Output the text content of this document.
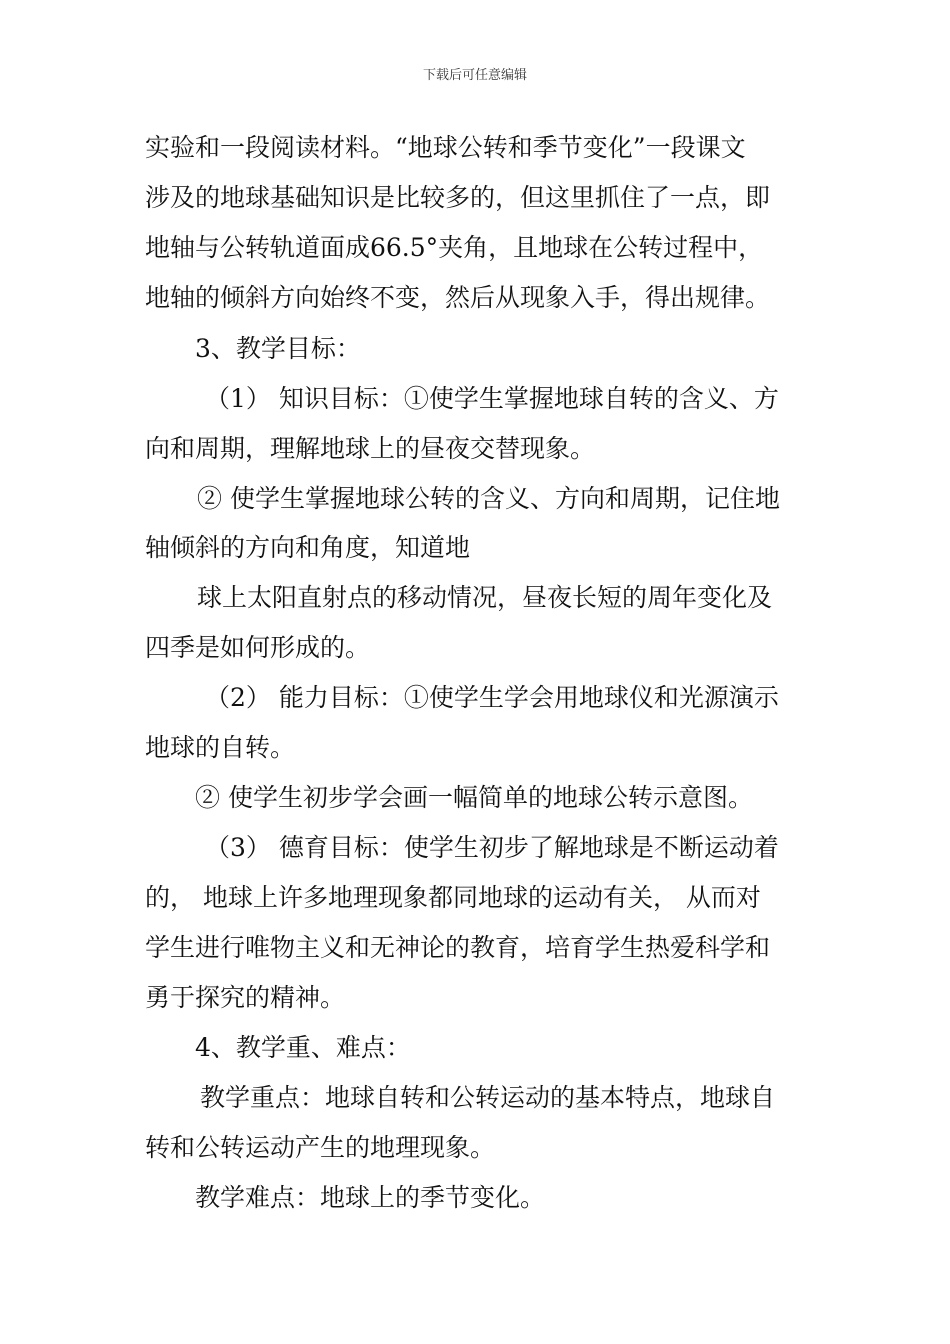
下载后可任意编辑
实验和一段阅读材料。“地球公转和季节变化”一段课文
涉及的地球基础知识是比较多的，但这里抓住了一点，即
地轴与公转轨道面成66.5°夹角，且地球在公转过程中，
地轴的倾斜方向始终不变，然后从现象入手，得出规律。
3、教学目标：
（1） 知识目标：①使学生掌握地球自转的含义、方
向和周期，理解地球上的昼夜交替现象。
② 使学生掌握地球公转的含义、方向和周期，记住地
轴倾斜的方向和角度，知道地
球上太阳直射点的移动情况，昼夜长短的周年变化及
四季是如何形成的。
（2） 能力目标：①使学生学会用地球仪和光源演示
地球的自转。
② 使学生初步学会画一幅简单的地球公转示意图。
（3） 德育目标：使学生初步了解地球是不断运动着
的， 地球上许多地理现象都同地球的运动有关， 从而对
学生进行唯物主义和无神论的教育，培育学生热爱科学和
勇于探究的精神。
4、教学重、难点：
教学重点：地球自转和公转运动的基本特点，地球自
转和公转运动产生的地理现象。
教学难点：地球上的季节变化。
